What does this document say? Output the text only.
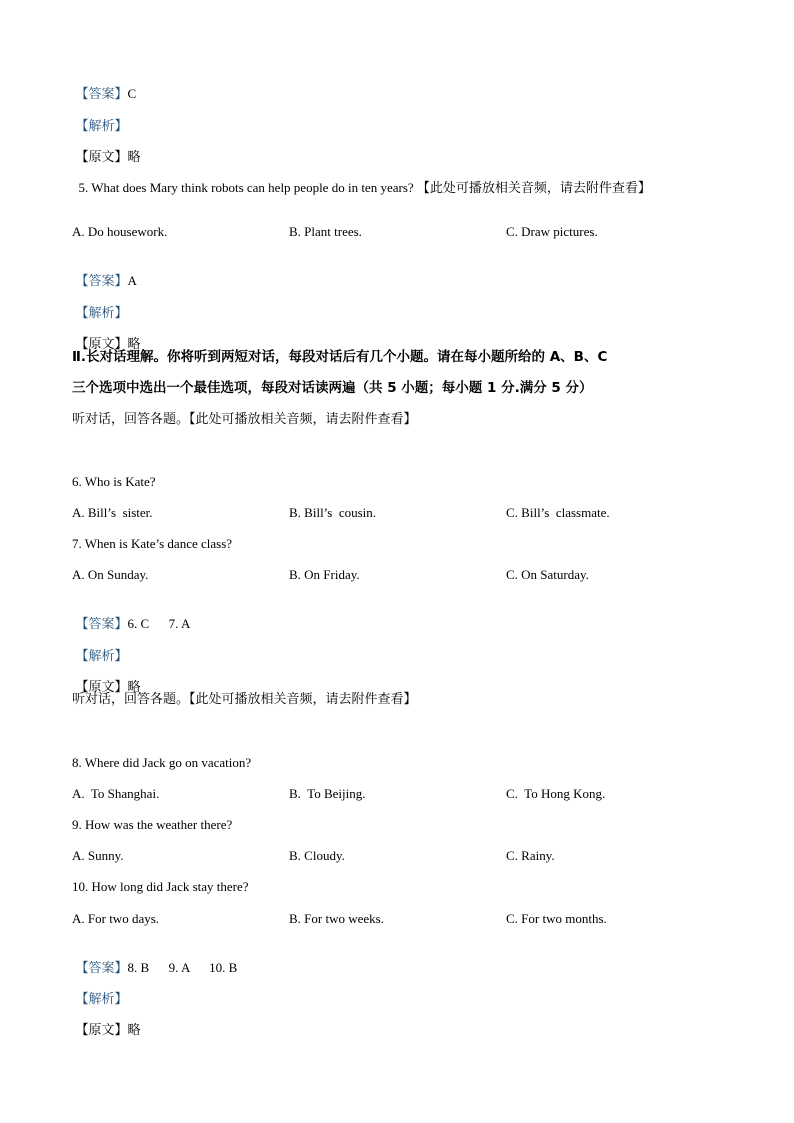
【答案】C

【解析】

【原文】略

5. What does Mary think robots can help people do in ten years? 【此处可播放相关音频，请去附件查看】

A. Do housework.	B. Plant trees.	C. Draw pictures.

【答案】A

【解析】

【原文】略

Ⅱ.长对话理解。你将听到两短对话，每段对话后有几个小题。请在每小题所给的 A、B、C
三个选项中选出一个最佳选项，每段对话读两遍（共 5 小题；每小题 1 分.满分 5 分）
听对话，回答各题。【此处可播放相关音频，请去附件查看】
6. Who is Kate?
A. Bill’s  sister.	B. Bill’s  cousin.	C. Bill’s  classmate.
7. When is Kate’s dance class?
A. On Sunday.	B. On Friday.	C. On Saturday.

【答案】6. C      7. A

【解析】

【原文】略

听对话，回答各题。【此处可播放相关音频，请去附件查看】
8. Where did Jack go on vacation?
A.  To Shanghai.	B.  To Beijing.	C.  To Hong Kong.
9. How was the weather there?
A. Sunny.	B. Cloudy.	C. Rainy.
10. How long did Jack stay there?
A. For two days.	B. For two weeks.	C. For two months.

【答案】8. B      9. A      10. B

【解析】

【原文】略
